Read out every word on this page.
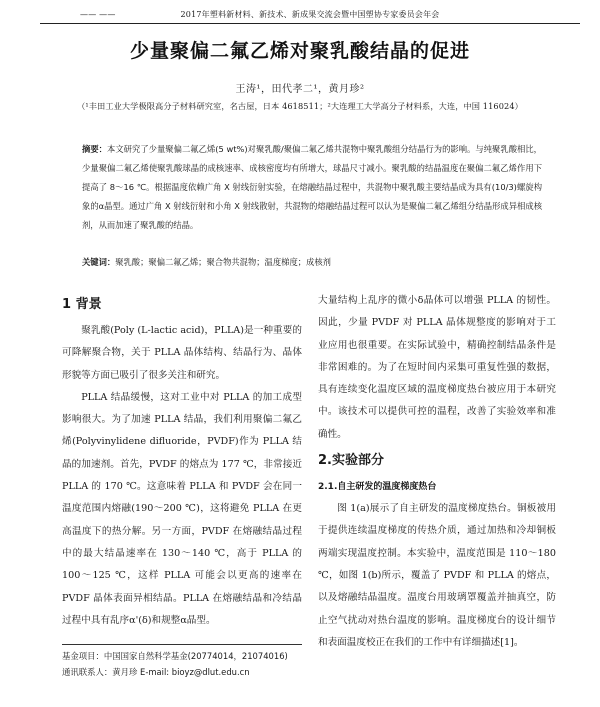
—— ——	2017年塑料新材料、新技术、新成果交流会暨中国塑协专家委员会年会
少量聚偏二氟乙烯对聚乳酸结晶的促进
王涛¹，田代孝二¹，黄月珍²
（¹丰田工业大学极限高分子材料研究室，名古屋，日本 4618511；²大连理工大学高分子材料系，大连，中国 116024）
摘要：本文研究了少量聚偏二氟乙烯(5 wt%)对聚乳酸/聚偏二氟乙烯共混物中聚乳酸组分结晶行为的影响。与纯聚乳酸相比，少量聚偏二氟乙烯使聚乳酸球晶的成核速率、成核密度均有所增大，球晶尺寸减小。聚乳酸的结晶温度在聚偏二氟乙烯作用下提高了 8～16 ℃。根据温度依赖广角 X 射线衍射实验，在熔融结晶过程中，共混物中聚乳酸主要结晶成为具有(10/3)螺旋构象的α晶型。通过广角 X 射线衍射和小角 X 射线散射，共混物的熔融结晶过程可以认为是聚偏二氟乙烯组分结晶形成异相成核剂，从而加速了聚乳酸的结晶。
关键词：聚乳酸；聚偏二氟乙烯；聚合物共混物；温度梯度；成核剂
1 背景

聚乳酸(Poly (L-lactic acid)，PLLA)是一种重要的可降解聚合物，关于 PLLA 晶体结构、结晶行为、晶体形貌等方面已吸引了很多关注和研究。

PLLA 结晶缓慢，这对工业中对 PLLA 的加工成型影响很大。为了加速 PLLA 结晶，我们利用聚偏二氟乙烯(Polyvinylidene difluoride，PVDF)作为 PLLA 结晶的加速剂。首先，PVDF 的熔点为 177 ℃，非常接近 PLLA 的 170 ℃。这意味着 PLLA 和 PVDF 会在同一温度范围内熔融(190～200 ℃)，这将避免 PLLA 在更高温度下的热分解。另一方面，PVDF 在熔融结晶过程中的最大结晶速率在 130～140 ℃，高于 PLLA 的 100～125 ℃，这样 PLLA 可能会以更高的速率在 PVDF 晶体表面异相结晶。PLLA 在熔融结晶和冷结晶过程中具有乱序α'(δ)和规整α晶型。

大量结构上乱序的微小δ晶体可以增强 PLLA 的韧性。因此，少量 PVDF 对 PLLA 晶体规整度的影响对于工业应用也很重要。在实际试验中，精确控制结晶条件是非常困难的。为了在短时间内采集可重复性强的数据，具有连续变化温度区域的温度梯度热台被应用于本研究中。该技术可以提供可控的温程，改善了实验效率和准确性。

2.实验部分
2.1.自主研发的温度梯度热台

图 1(a)展示了自主研发的温度梯度热台。铜板被用于提供连续温度梯度的传热介质，通过加热和冷却铜板两端实现温度控制。本实验中，温度范围是 110～180 ℃，如图 1(b)所示，覆盖了 PVDF 和 PLLA 的熔点，以及熔融结晶温度。温度台用玻璃罩覆盖并抽真空，防止空气扰动对热台温度的影响。温度梯度台的设计细节和表面温度校正在我们的工作中有详细描述[1]。

基金项目：中国国家自然科学基金(20774014，21074016)
通讯联系人：黄月珍 E-mail: bioyz@dlut.edu.cn
